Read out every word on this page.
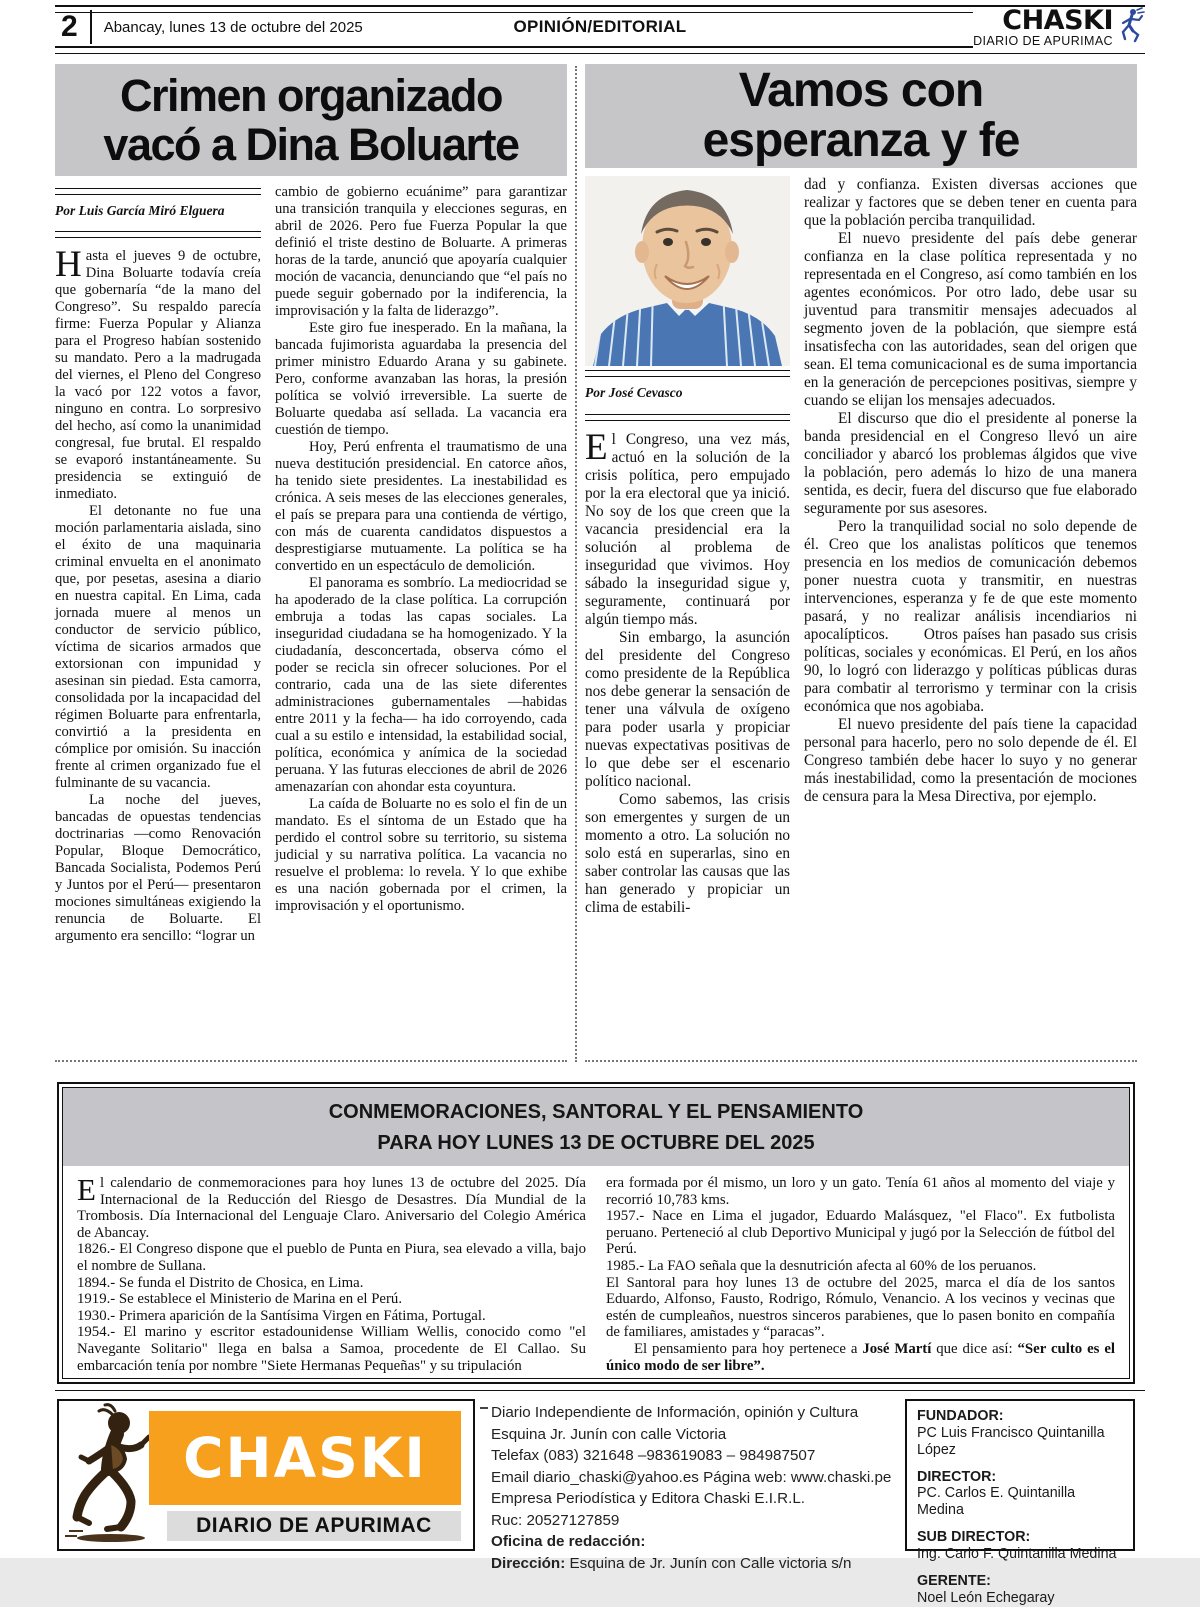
2	Abancay, lunes 13 de octubre del 2025	OPINIÓN/EDITORIAL	CHASKI
DIARIO DE APURIMAC
Crimen organizado
vacó a Dina Boluarte
Por Luis García Miró Elguera

Hasta el jueves 9 de octubre, Dina Boluarte todavía creía que gobernaría “de la mano del Congreso”. Su respaldo parecía firme: Fuerza Popular y Alianza para el Progreso habían sostenido su mandato. Pero a la madrugada del viernes, el Pleno del Congreso la vacó por 122 votos a favor, ninguno en contra. Lo sorpresivo del hecho, así como la unanimidad congresal, fue brutal. El respaldo se evaporó instantáneamente. Su presidencia se extinguió de inmediato.

El detonante no fue una moción parlamentaria aislada, sino el éxito de una maquinaria criminal envuelta en el anonimato que, por pesetas, asesina a diario en nuestra capital. En Lima, cada jornada muere al menos un conductor de servicio público, víctima de sicarios armados que extorsionan con impunidad y asesinan sin piedad. Esta camorra, consolidada por la incapacidad del régimen Boluarte para enfrentarla, convirtió a la presidenta en cómplice por omisión. Su inacción frente al crimen organizado fue el fulminante de su vacancia.

La noche del jueves, bancadas de opuestas tendencias doctrinarias —como Renovación Popular, Bloque Democrático, Bancada Socialista, Podemos Perú y Juntos por el Perú— presentaron mociones simultáneas exigiendo la renuncia de Boluarte. El argumento era sencillo: “lograr un

cambio de gobierno ecuánime” para garantizar una transición tranquila y elecciones seguras, en abril de 2026. Pero fue Fuerza Popular la que definió el triste destino de Boluarte. A primeras horas de la tarde, anunció que apoyaría cualquier moción de vacancia, denunciando que “el país no puede seguir gobernado por la indiferencia, la improvisación y la falta de liderazgo”.

Este giro fue inesperado. En la mañana, la bancada fujimorista aguardaba la presencia del primer ministro Eduardo Arana y su gabinete. Pero, conforme avanzaban las horas, la presión política se volvió irreversible. La suerte de Boluarte quedaba así sellada. La vacancia era cuestión de tiempo.

Hoy, Perú enfrenta el traumatismo de una nueva destitución presidencial. En catorce años, ha tenido siete presidentes. La inestabilidad es crónica. A seis meses de las elecciones generales, el país se prepara para una contienda de vértigo, con más de cuarenta candidatos dispuestos a desprestigiarse mutuamente. La política se ha convertido en un espectáculo de demolición.

El panorama es sombrío. La mediocridad se ha apoderado de la clase política. La corrupción embruja a todas las capas sociales. La inseguridad ciudadana se ha homogenizado. Y la ciudadanía, desconcertada, observa cómo el poder se recicla sin ofrecer soluciones. Por el contrario, cada una de las siete diferentes administraciones gubernamentales —habidas entre 2011 y la fecha— ha ido corroyendo, cada cual a su estilo e intensidad, la estabilidad social, política, económica y anímica de la sociedad peruana. Y las futuras elecciones de abril de 2026 amenazarían con ahondar esta coyuntura.

La caída de Boluarte no es solo el fin de un mandato. Es el síntoma de un Estado que ha perdido el control sobre su territorio, su sistema judicial y su narrativa política. La vacancia no resuelve el problema: lo revela. Y lo que exhibe es una nación gobernada por el crimen, la improvisación y el oportunismo.

Vamos con
esperanza y fe
Por José Cevasco

El Congreso, una vez más, actuó en la solución de la crisis política, pero empujado por la era electoral que ya inició. No soy de los que creen que la vacancia presidencial era la solución al problema de inseguridad que vivimos. Hoy sábado la inseguridad sigue y, seguramente, continuará por algún tiempo más.

Sin embargo, la asunción del presidente del Congreso como presidente de la República nos debe generar la sensación de tener una válvula de oxígeno para poder usarla y propiciar nuevas expectativas positivas de lo que debe ser el escenario político nacional.

Como sabemos, las crisis son emergentes y surgen de un momento a otro. La solución no solo está en superarlas, sino en saber controlar las causas que las han generado y propiciar un clima de estabili-

dad y confianza. Existen diversas acciones que realizar y factores que se deben tener en cuenta para que la población perciba tranquilidad.

El nuevo presidente del país debe generar confianza en la clase política representada y no representada en el Congreso, así como también en los agentes económicos. Por otro lado, debe usar su juventud para transmitir mensajes adecuados al segmento joven de la población, que siempre está insatisfecha con las autoridades, sean del origen que sean. El tema comunicacional es de suma importancia en la generación de percepciones positivas, siempre y cuando se elijan los mensajes adecuados.

El discurso que dio el presidente al ponerse la banda presidencial en el Congreso llevó un aire conciliador y abarcó los problemas álgidos que vive la población, pero además lo hizo de una manera sentida, es decir, fuera del discurso que fue elaborado seguramente por sus asesores.

Pero la tranquilidad social no solo depende de él. Creo que los analistas políticos que tenemos presencia en los medios de comunicación debemos poner nuestra cuota y transmitir, en nuestras intervenciones, esperanza y fe de que este momento pasará, y no realizar análisis incendiarios ni apocalípticos.       Otros países han pasado sus crisis políticas, sociales y económicas. El Perú, en los años 90, lo logró con liderazgo y políticas públicas duras para combatir al terrorismo y terminar con la crisis económica que nos agobiaba.

El nuevo presidente del país tiene la capacidad personal para hacerlo, pero no solo depende de él. El Congreso también debe hacer lo suyo y no generar más inestabilidad, como la presentación de mociones de censura para la Mesa Directiva, por ejemplo.

CONMEMORACIONES, SANTORAL Y EL PENSAMIENTO
PARA HOY LUNES 13 DE OCTUBRE DEL 2025

El calendario de conmemoraciones para hoy lunes 13 de octubre del 2025. Día Internacional de la Reducción del Riesgo de Desastres. Día Mundial de la Trombosis. Día Internacional del Lenguaje Claro. Aniversario del Colegio América de Abancay.

1826.- El Congreso dispone que el pueblo de Punta en Piura, sea elevado a villa, bajo el nombre de Sullana.

1894.- Se funda el Distrito de Chosica, en Lima.

1919.- Se establece el Ministerio de Marina en el Perú.

1930.- Primera aparición de la Santísima Virgen en Fátima, Portugal.

1954.- El marino y escritor estadounidense William Wellis, conocido como "el Navegante Solitario" llega en balsa a Samoa, procedente de El Callao. Su embarcación tenía por nombre "Siete Hermanas Pequeñas" y su tripulación

era formada por él mismo, un loro y un gato. Tenía 61 años al momento del viaje y recorrió 10,783 kms.

1957.- Nace en Lima el jugador, Eduardo Malásquez, "el Flaco". Ex futbolista peruano. Perteneció al club Deportivo Municipal y jugó por la Selección de fútbol del Perú.

1985.- La FAO señala que la desnutrición afecta al 60% de los peruanos.

El Santoral para hoy lunes 13 de octubre del 2025, marca el día de los santos Eduardo, Alfonso, Fausto, Rodrigo, Rómulo, Venancio. A los vecinos y vecinas que estén de cumpleaños, nuestros sinceros parabienes, que lo pasen bonito en compañía de familiares, amistades y “paracas”.

El pensamiento para hoy pertenece a José Martí que dice así: “Ser culto es el único modo de ser libre”.

CHASKI
DIARIO DE APURIMAC
Diario Independiente de Información, opinión y Cultura
Esquina Jr. Junín con calle Victoria
Telefax (083) 321648 –983619083 – 984987507
Email diario_chaski@yahoo.es Página web: www.chaski.pe
Empresa Periodística y Editora Chaski E.I.R.L.
Ruc: 20527127859
Oficina de redacción:
Dirección: Esquina de Jr. Junín con Calle victoria s/n
FUNDADOR:
PC Luis Francisco Quintanilla López
DIRECTOR:
PC. Carlos E. Quintanilla Medina
SUB DIRECTOR:
Ing. Carlo F. Quintanilla Medina
GERENTE:
Noel León Echegaray
